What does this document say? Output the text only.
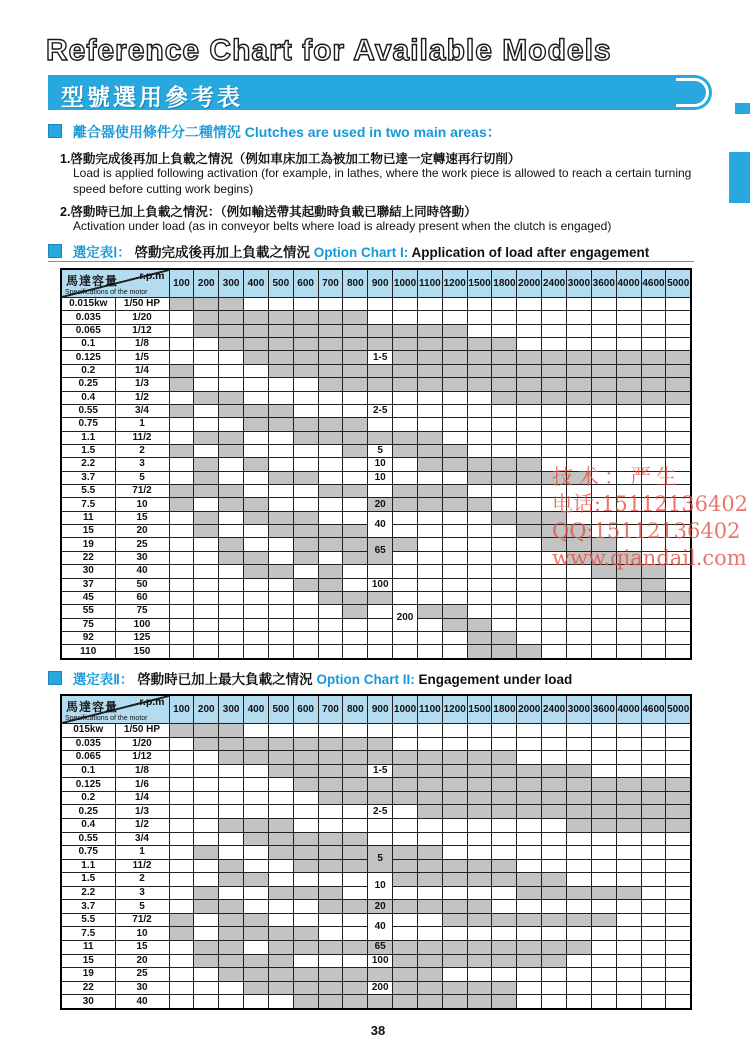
Reference Chart for Available Models
型號選用參考表
離合器使用條件分二種情況 Clutches are used in two main areas：
1.啓動完成後再加上負載之情況（例如車床加工為被加工物已達一定轉速再行切削）
Load is applied following activation (for example, in lathes, where the work piece is allowed to reach a certain turning
speed before cutting work begins)
2.啓動時已加上負載之情況：（例如輸送帶其起動時負載已聯結上同時啓動）
Activation under load (as in conveyor belts where load is already present when the clutch is engaged)
選定表Ⅰ： 啓動完成後再加上負載之情況 Option Chart I: Application of load after engagement
r.p.m
馬達容量
Specifications of the motor		100	200	300	400	500	600	700	800	900	1000	1100	1200	1500	1800	2000	2400	3000	3600	4000	4600	5000
0.015kw	1/50 HP																					
0.035	1/20																					
0.065	1/12																					
0.1	1/8																					
0.125	1/5									1-5												
0.2	1/4																					
0.25	1/3																					
0.4	1/2																					
0.55	3/4									2-5												
0.75	1																					
1.1	11/2																					
1.5	2									5												
2.2	3									10												
3.7	5									10												
5.5	71/2																					
7.5	10									20												
11	15									40												
15	20																					
19	25									65												
22	30																					
30	40																					
37	50									100												
45	60																					
55	75										200											
75	100																					
92	125																					
110	150																					
技术：严生
电话:15112136402
QQ:15112136402
www.qiandail.com
選定表Ⅱ： 啓動時已加上最大負載之情況 Option Chart II: Engagement under load
r.p.m
馬達容量
Specifications of the motor		100	200	300	400	500	600	700	800	900	1000	1100	1200	1500	1800	2000	2400	3000	3600	4000	4600	5000
015kw	1/50 HP																					
0.035	1/20																					
0.065	1/12																					
0.1	1/8									1-5												
0.125	1/6																					
0.2	1/4																					
0.25	1/3									2-5												
0.4	1/2																					
0.55	3/4																					
0.75	1									5												
1.1	11/2																					
1.5	2									10												
2.2	3																					
3.7	5									20												
5.5	71/2									40												
7.5	10																					
11	15									65												
15	20									100												
19	25																					
22	30									200												
30	40																					
38
